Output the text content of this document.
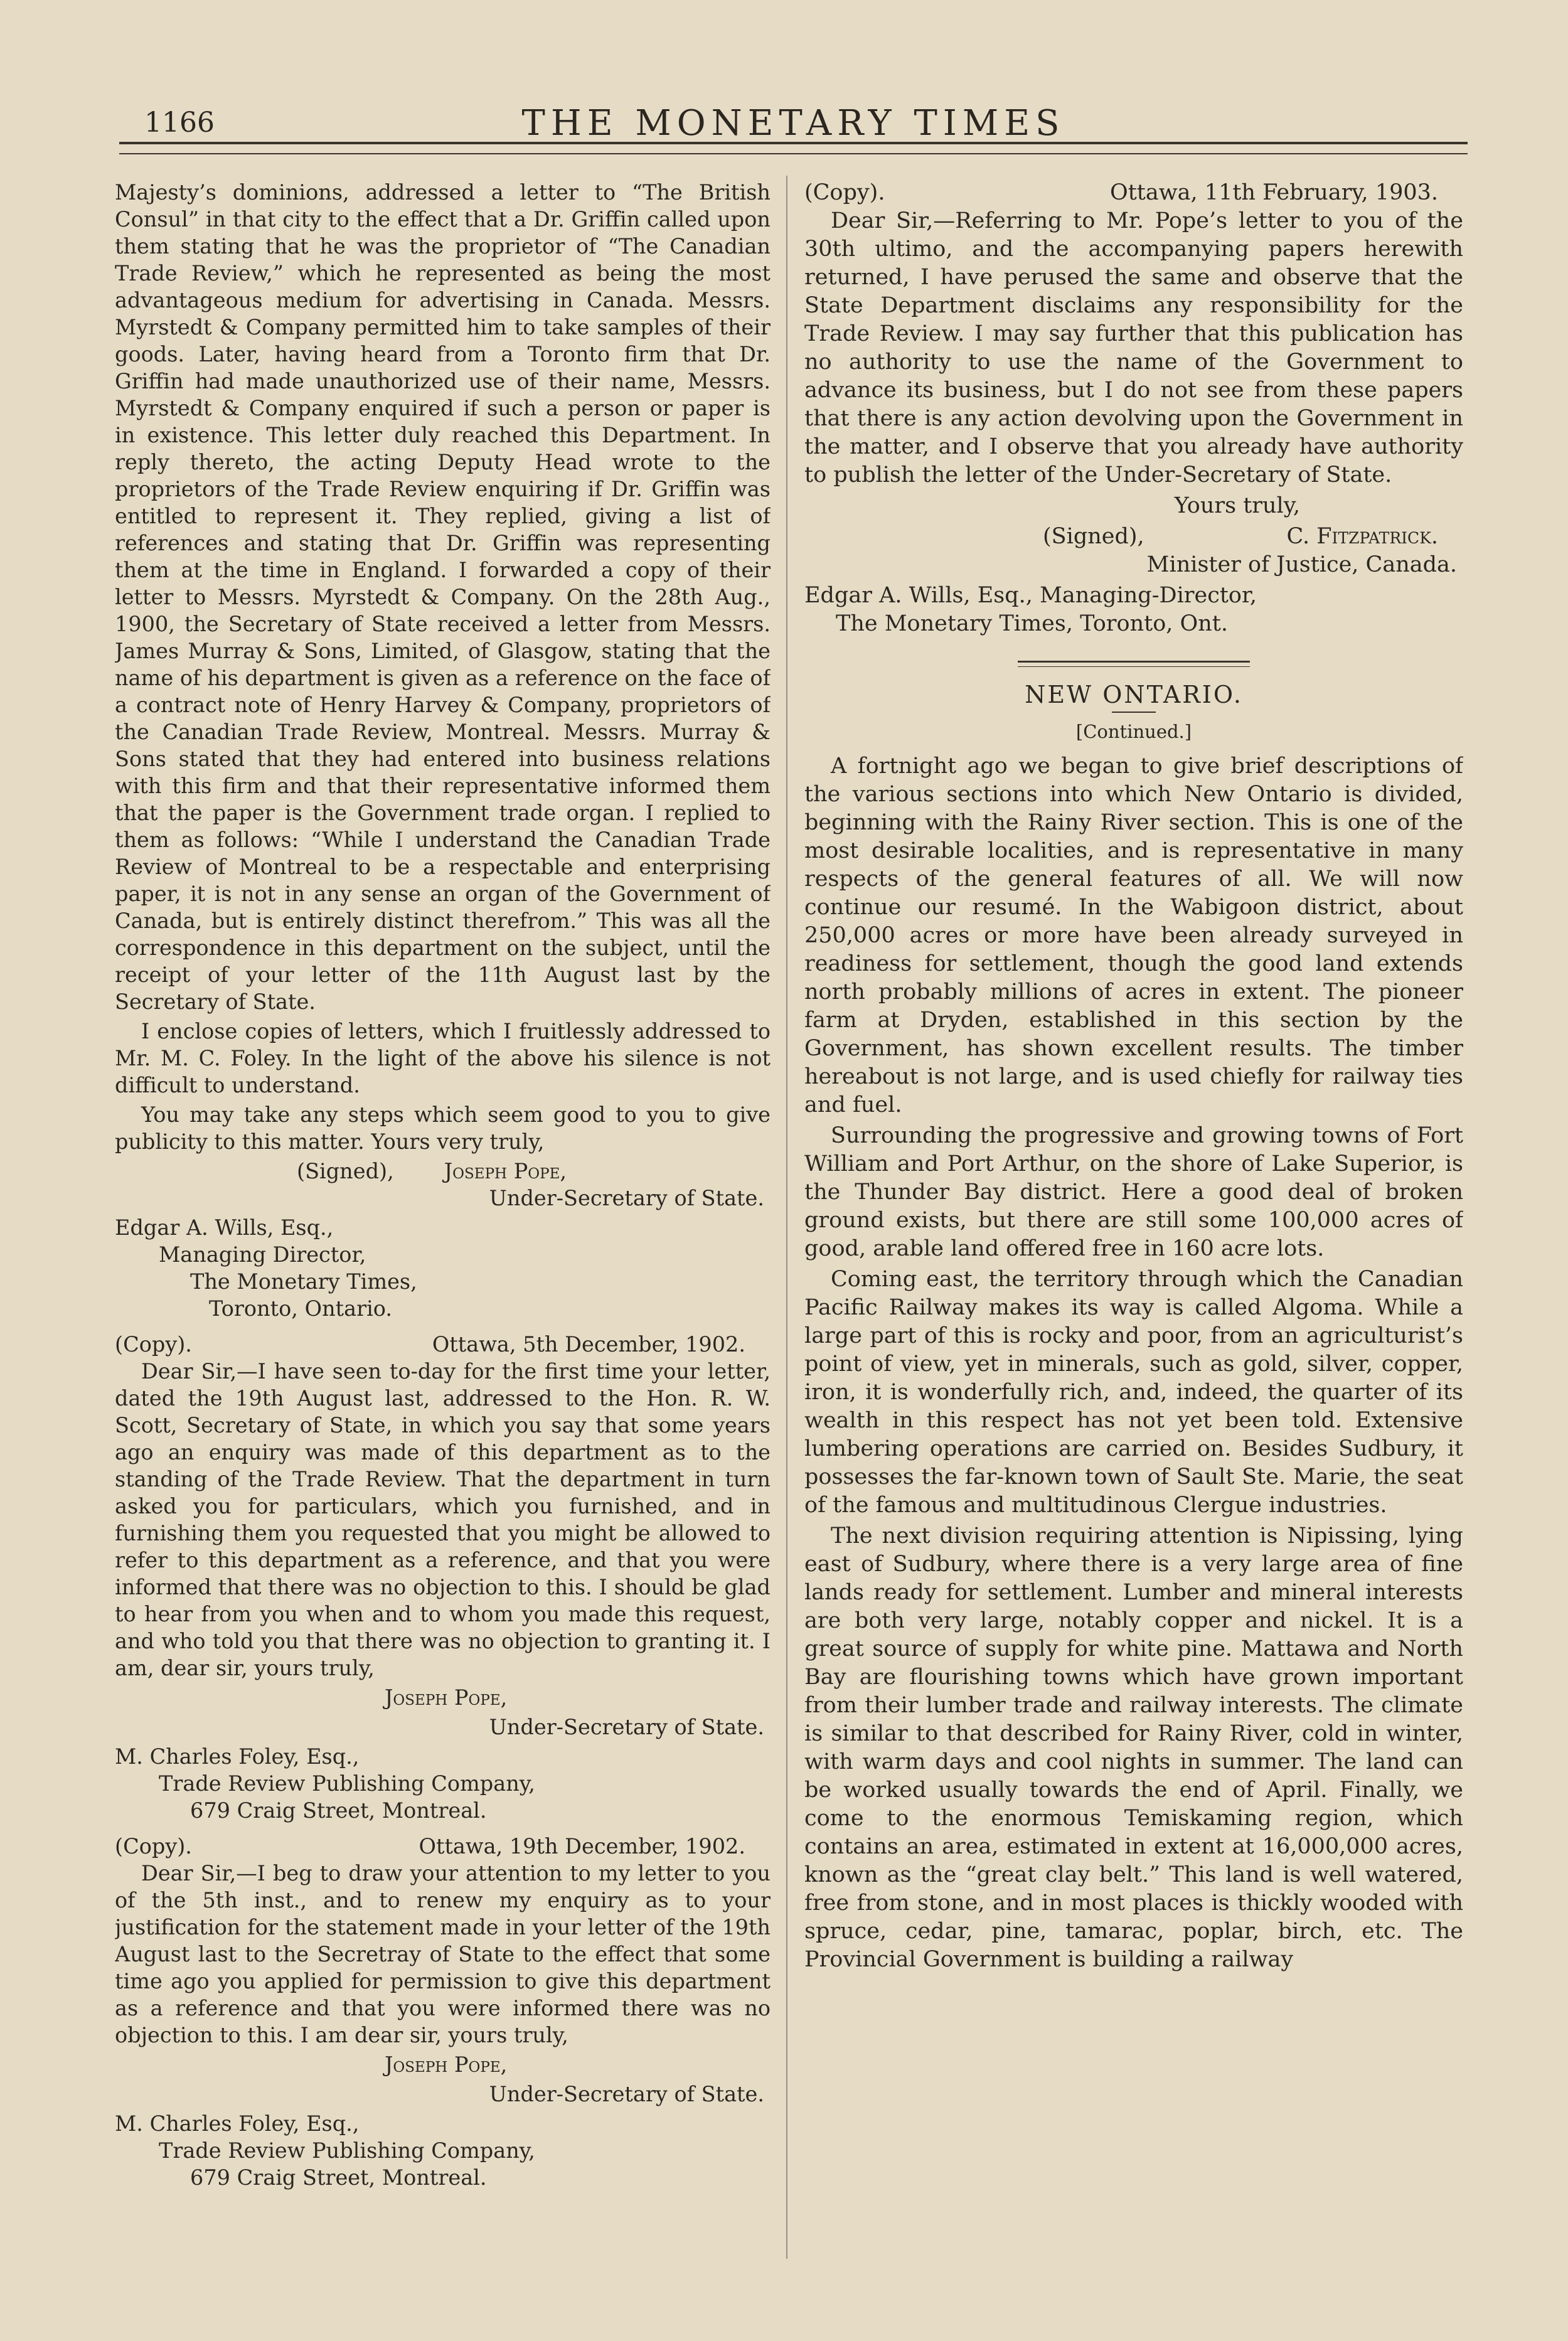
1166	THE MONETARY TIMES

Majesty’s dominions, addressed a letter to “The British Consul” in that city to the effect that a Dr. Griffin called upon them stating that he was the proprietor of “The Canadian Trade Review,” which he represented as being the most advantageous medium for advertising in Canada. Messrs. Myrstedt & Company permitted him to take samples of their goods. Later, having heard from a Toronto firm that Dr. Griffin had made unauthorized use of their name, Messrs. Myrstedt & Company enquired if such a person or paper is in existence. This letter duly reached this Department. In reply thereto, the acting Deputy Head wrote to the proprietors of the Trade Review enquiring if Dr. Griffin was entitled to represent it. They replied, giving a list of references and stating that Dr. Griffin was representing them at the time in England. I forwarded a copy of their letter to Messrs. Myrstedt & Company. On the 28th Aug., 1900, the Secretary of State received a letter from Messrs. James Murray & Sons, Limited, of Glasgow, stating that the name of his department is given as a reference on the face of a contract note of Henry Harvey & Company, proprietors of the Canadian Trade Review, Montreal. Messrs. Murray & Sons stated that they had entered into business relations with this firm and that their representative informed them that the paper is the Government trade organ. I replied to them as follows: “While I understand the Canadian Trade Review of Montreal to be a respectable and enterprising paper, it is not in any sense an organ of the Government of Canada, but is entirely distinct therefrom.” This was all the correspondence in this department on the subject, until the receipt of your letter of the 11th August last by the Secretary of State.

I enclose copies of letters, which I fruitlessly addressed to Mr. M. C. Foley. In the light of the above his silence is not difficult to understand.

You may take any steps which seem good to you to give publicity to this matter. Yours very truly,

(Signed), Joseph Pope,

Under-Secretary of State.

Edgar A. Wills, Esq.,

Managing Director,

The Monetary Times,

Toronto, Ontario.

(Copy).	Ottawa, 5th December, 1902.

Dear Sir,—I have seen to-day for the first time your letter, dated the 19th August last, addressed to the Hon. R. W. Scott, Secretary of State, in which you say that some years ago an enquiry was made of this department as to the standing of the Trade Review. That the department in turn asked you for particulars, which you furnished, and in furnishing them you requested that you might be allowed to refer to this department as a reference, and that you were informed that there was no objection to this. I should be glad to hear from you when and to whom you made this request, and who told you that there was no objection to granting it. I am, dear sir, yours truly,

Joseph Pope,

Under-Secretary of State.

M. Charles Foley, Esq.,

Trade Review Publishing Company,

679 Craig Street, Montreal.

(Copy).	Ottawa, 19th December, 1902.

Dear Sir,—I beg to draw your attention to my letter to you of the 5th inst., and to renew my enquiry as to your justification for the statement made in your letter of the 19th August last to the Secretray of State to the effect that some time ago you applied for permission to give this department as a reference and that you were informed there was no objection to this. I am dear sir, yours truly,

Joseph Pope,

Under-Secretary of State.

M. Charles Foley, Esq.,

Trade Review Publishing Company,

679 Craig Street, Montreal.

(Copy).	Ottawa, 11th February, 1903.

Dear Sir,—Referring to Mr. Pope’s letter to you of the 30th ultimo, and the accompanying papers herewith returned, I have perused the same and observe that the State Department disclaims any responsibility for the Trade Review. I may say further that this publication has no authority to use the name of the Government to advance its business, but I do not see from these papers that there is any action devolving upon the Government in the matter, and I observe that you already have authority to publish the letter of the Under-Secretary of State.

Yours truly,

(Signed),	C. Fitzpatrick.

Minister of Justice, Canada.

Edgar A. Wills, Esq., Managing-Director,

The Monetary Times, Toronto, Ont.

NEW ONTARIO.
[Continued.]

A fortnight ago we began to give brief descriptions of the various sections into which New Ontario is divided, beginning with the Rainy River section. This is one of the most desirable localities, and is representative in many respects of the general features of all. We will now continue our resumé. In the Wabigoon district, about 250,000 acres or more have been already surveyed in readiness for settlement, though the good land extends north probably millions of acres in extent. The pioneer farm at Dryden, established in this section by the Government, has shown excellent results. The timber hereabout is not large, and is used chiefly for railway ties and fuel.

Surrounding the progressive and growing towns of Fort William and Port Arthur, on the shore of Lake Superior, is the Thunder Bay district. Here a good deal of broken ground exists, but there are still some 100,000 acres of good, arable land offered free in 160 acre lots.

Coming east, the territory through which the Canadian Pacific Railway makes its way is called Algoma. While a large part of this is rocky and poor, from an agriculturist’s point of view, yet in minerals, such as gold, silver, copper, iron, it is wonderfully rich, and, indeed, the quarter of its wealth in this respect has not yet been told. Extensive lumbering operations are carried on. Besides Sudbury, it possesses the far-known town of Sault Ste. Marie, the seat of the famous and multitudinous Clergue industries.

The next division requiring attention is Nipissing, lying east of Sudbury, where there is a very large area of fine lands ready for settlement. Lumber and mineral interests are both very large, notably copper and nickel. It is a great source of supply for white pine. Mattawa and North Bay are flourishing towns which have grown important from their lumber trade and railway interests. The climate is similar to that described for Rainy River, cold in winter, with warm days and cool nights in summer. The land can be worked usually towards the end of April. Finally, we come to the enormous Temiskaming region, which contains an area, estimated in extent at 16,000,000 acres, known as the “great clay belt.” This land is well watered, free from stone, and in most places is thickly wooded with spruce, cedar, pine, tamarac, poplar, birch, etc. The Provincial Government is building a railway
